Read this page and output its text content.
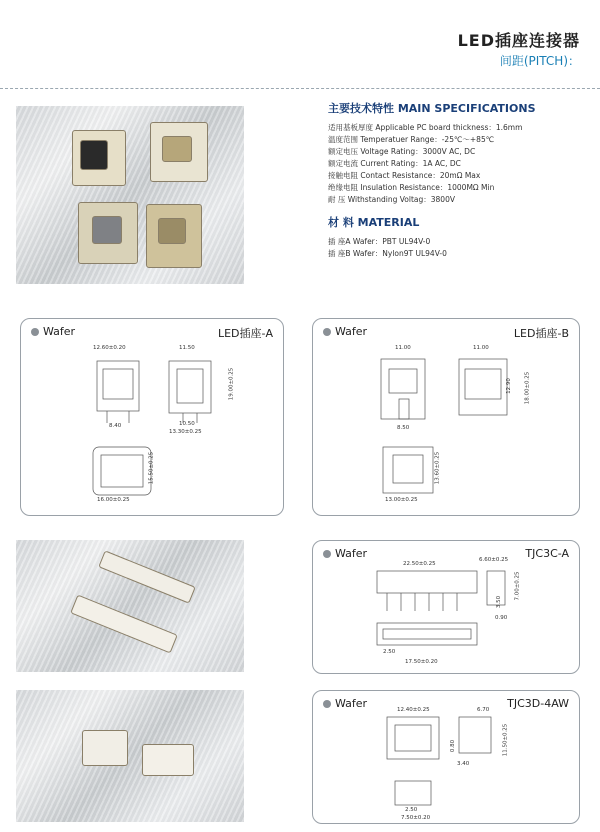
LED插座连接器
间距(PITCH)：
主要技术特性 MAIN SPECIFICATIONS
适用基板厚度 Applicable PC board thickness：1.6mm
温度范围 Temperatuer Range：-25℃～+85℃
额定电压 Voltage Rating：3000V AC, DC
额定电流 Current Rating：1A AC, DC
接触电阻 Contact Resistance：20mΩ Max
绝缘电阻 Insulation Resistance：1000MΩ Min
耐 压 Withstanding Voltag：3800V
材 料 MATERIAL
插 座A Wafer：PBT UL94V-0
插 座B Wafer：Nylon9T UL94V-0
Wafer	LED插座-A
12.60±0.20	11.50
19.00±0.25
8.40	10.50
13.30±0.25
15.50±0.25
16.00±0.25
Wafer	LED插座-B
11.00	11.00
12.90 18.00±0.25
8.50
13.60±0.25
13.00±0.25
Wafer	TJC3C-A
22.50±0.25
6.60±0.25
7.00±0.25
3.50
0.90
2.50
17.50±0.20
Wafer	TJC3D-4AW
12.40±0.25	6.70
11.50±0.25
0.80
3.40
2.50
7.50±0.20
